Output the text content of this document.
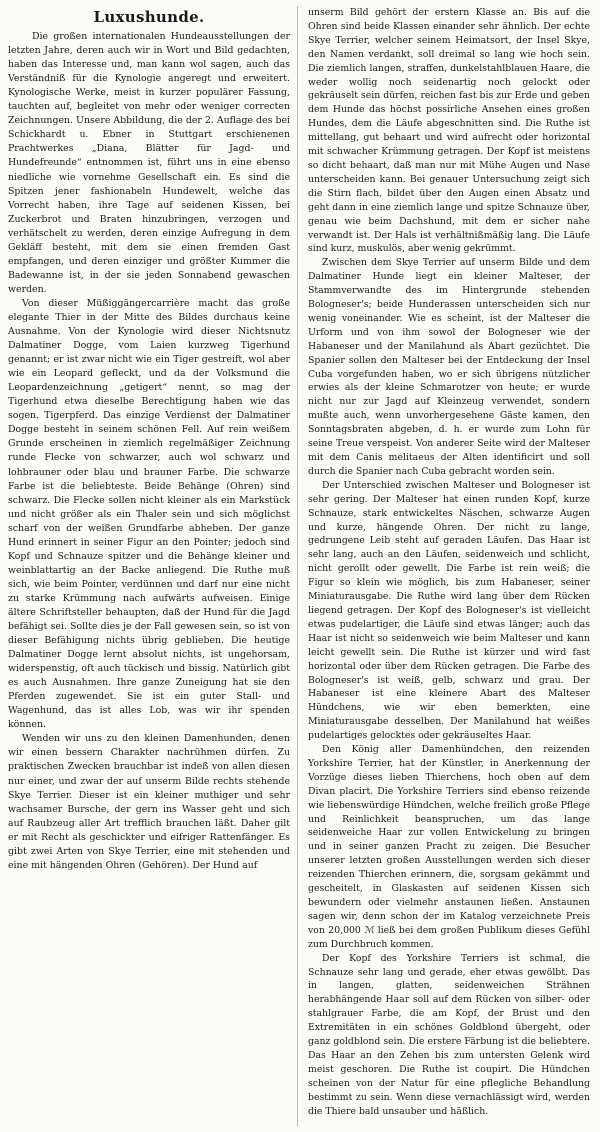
Luxushunde.

Die großen internationalen Hundeausstellungen der letzten Jahre, deren auch wir in Wort und Bild gedachten, haben das Interesse und, man kann wol sagen, auch das Verständniß für die Kynologie angeregt und erweitert. Kynologische Werke, meist in kurzer populärer Fassung, tauchten auf, begleitet von mehr oder weniger correcten Zeichnungen. Unsere Abbildung, die der 2. Auflage des bei Schickhardt u. Ebner in Stuttgart erschienenen Prachtwerkes „Diana, Blätter für Jagd- und Hundefreunde“ entnommen ist, führt uns in eine ebenso niedliche wie vornehme Gesellschaft ein. Es sind die Spitzen jener fashionabeln Hundewelt, welche das Vorrecht haben, ihre Tage auf seidenen Kissen, bei Zuckerbrot und Braten hinzubringen, verzogen und verhätschelt zu werden, deren einzige Aufregung in dem Gekläff besteht, mit dem sie einen fremden Gast empfangen, und deren einziger und größter Kummer die Badewanne ist, in der sie jeden Sonnabend gewaschen werden.

Von dieser Müßiggängercarrière macht das große elegante Thier in der Mitte des Bildes durchaus keine Ausnahme. Von der Kynologie wird dieser Nichtsnutz Dalmatiner Dogge, vom Laien kurzweg Tigerhund genannt; er ist zwar nicht wie ein Tiger gestreift, wol aber wie ein Leopard gefleckt, und da der Volksmund die Leopardenzeichnung „getigert“ nennt, so mag der Tigerhund etwa dieselbe Berechtigung haben wie das sogen. Tigerpferd. Das einzige Verdienst der Dalmatiner Dogge besteht in seinem schönen Fell. Auf rein weißem Grunde erscheinen in ziemlich regelmäßiger Zeichnung runde Flecke von schwarzer, auch wol schwarz und lohbrauner oder blau und brauner Farbe. Die schwarze Farbe ist die beliebteste. Beide Behänge (Ohren) sind schwarz. Die Flecke sollen nicht kleiner als ein Markstück und nicht größer als ein Thaler sein und sich möglichst scharf von der weißen Grundfarbe abheben. Der ganze Hund erinnert in seiner Figur an den Pointer; jedoch sind Kopf und Schnauze spitzer und die Behänge kleiner und weinblattartig an der Backe anliegend. Die Ruthe muß sich, wie beim Pointer, verdünnen und darf nur eine nicht zu starke Krümmung nach aufwärts aufweisen. Einige ältere Schriftsteller behaupten, daß der Hund für die Jagd befähigt sei. Sollte dies je der Fall gewesen sein, so ist von dieser Befähigung nichts übrig geblieben. Die heutige Dalmatiner Dogge lernt absolut nichts, ist ungehorsam, widerspenstig, oft auch tückisch und bissig. Natürlich gibt es auch Ausnahmen. Ihre ganze Zuneigung hat sie den Pferden zugewendet. Sie ist ein guter Stall- und Wagenhund, das ist alles Lob, was wir ihr spenden können.

Wenden wir uns zu den kleinen Damenhunden, denen wir einen bessern Charakter nachrühmen dürfen. Zu praktischen Zwecken brauchbar ist indeß von allen diesen nur einer, und zwar der auf unserm Bilde rechts stehende Skye Terrier. Dieser ist ein kleiner muthiger und sehr wachsamer Bursche, der gern ins Wasser geht und sich auf Raubzeug aller Art trefflich brauchen läßt. Daher gilt er mit Recht als geschickter und eifriger Rattenfänger. Es gibt zwei Arten von Skye Terrier, eine mit stehenden und eine mit hängenden Ohren (Gehören). Der Hund auf

unserm Bild gehört der erstern Klasse an. Bis auf die Ohren sind beide Klassen einander sehr ähnlich. Der echte Skye Terrier, welcher seinem Heimatsort, der Insel Skye, den Namen verdankt, soll dreimal so lang wie hoch sein. Die ziemlich langen, straffen, dunkelstahlblauen Haare, die weder wollig noch seidenartig noch gelockt oder gekräuselt sein dürfen, reichen fast bis zur Erde und geben dem Hunde das höchst possirliche Ansehen eines großen Hundes, dem die Läufe abgeschnitten sind. Die Ruthe ist mittellang, gut behaart und wird aufrecht oder horizontal mit schwacher Krümmung getragen. Der Kopf ist meistens so dicht behaart, daß man nur mit Mühe Augen und Nase unterscheiden kann. Bei genauer Untersuchung zeigt sich die Stirn flach, bildet über den Augen einen Absatz und geht dann in eine ziemlich lange und spitze Schnauze über, genau wie beim Dachshund, mit dem er sicher nahe verwandt ist. Der Hals ist verhältnißmäßig lang. Die Läufe sind kurz, muskulös, aber wenig gekrümmt.

Zwischen dem Skye Terrier auf unserm Bilde und dem Dalmatiner Hunde liegt ein kleiner Malteser, der Stammverwandte des im Hintergrunde stehenden Bologneser's; beide Hunderassen unterscheiden sich nur wenig voneinander. Wie es scheint, ist der Malteser die Urform und von ihm sowol der Bologneser wie der Habaneser und der Manilahund als Abart gezüchtet. Die Spanier sollen den Malteser bei der Entdeckung der Insel Cuba vorgefunden haben, wo er sich übrigens nützlicher erwies als der kleine Schmarotzer von heute; er wurde nicht nur zur Jagd auf Kleinzeug verwendet, sondern mußte auch, wenn unvorhergesehene Gäste kamen, den Sonntagsbraten abgeben, d. h. er wurde zum Lohn für seine Treue verspeist. Von anderer Seite wird der Malteser mit dem Canis melitaeus der Alten identificirt und soll durch die Spanier nach Cuba gebracht worden sein.

Der Unterschied zwischen Malteser und Bologneser ist sehr gering. Der Malteser hat einen runden Kopf, kurze Schnauze, stark entwickeltes Näschen, schwarze Augen und kurze, hängende Ohren. Der nicht zu lange, gedrungene Leib steht auf geraden Läufen. Das Haar ist sehr lang, auch an den Läufen, seidenweich und schlicht, nicht gerollt oder gewellt. Die Farbe ist rein weiß; die Figur so klein wie möglich, bis zum Habaneser, seiner Miniaturausgabe. Die Ruthe wird lang über dem Rücken liegend getragen. Der Kopf des Bologneser's ist vielleicht etwas pudelartiger, die Läufe sind etwas länger; auch das Haar ist nicht so seidenweich wie beim Malteser und kann leicht gewellt sein. Die Ruthe ist kürzer und wird fast horizontal oder über dem Rücken getragen. Die Farbe des Bologneser's ist weiß, gelb, schwarz und grau. Der Habaneser ist eine kleinere Abart des Malteser Hündchens, wie wir eben bemerkten, eine Miniaturausgabe desselben. Der Manilahund hat weißes pudelartiges gelocktes oder gekräuseltes Haar.

Den König aller Damenhündchen, den reizenden Yorkshire Terrier, hat der Künstler, in Anerkennung der Vorzüge dieses lieben Thierchens, hoch oben auf dem Divan placirt. Die Yorkshire Terriers sind ebenso reizende wie liebenswürdige Hündchen, welche freilich große Pflege und Reinlichkeit beanspruchen, um das lange seidenweiche Haar zur vollen Entwickelung zu bringen und in seiner ganzen Pracht zu zeigen. Die Besucher unserer letzten großen Ausstellungen werden sich dieser reizenden Thierchen erinnern, die, sorgsam gekämmt und gescheitelt, in Glaskasten auf seidenen Kissen sich bewundern oder vielmehr anstaunen ließen. Anstaunen sagen wir, denn schon der im Katalog verzeichnete Preis von 20,000 ℳ ließ bei dem großen Publikum dieses Gefühl zum Durchbruch kommen.

Der Kopf des Yorkshire Terriers ist schmal, die Schnauze sehr lang und gerade, eher etwas gewölbt. Das in langen, glatten, seidenweichen Strähnen herabhängende Haar soll auf dem Rücken von silber- oder stahlgrauer Farbe, die am Kopf, der Brust und den Extremitäten in ein schönes Goldblond übergeht, oder ganz goldblond sein. Die erstere Färbung ist die beliebtere. Das Haar an den Zehen bis zum untersten Gelenk wird meist geschoren. Die Ruthe ist coupirt. Die Hündchen scheinen von der Natur für eine pflegliche Behandlung bestimmt zu sein. Wenn diese vernachlässigt wird, werden die Thiere bald unsauber und häßlich.
